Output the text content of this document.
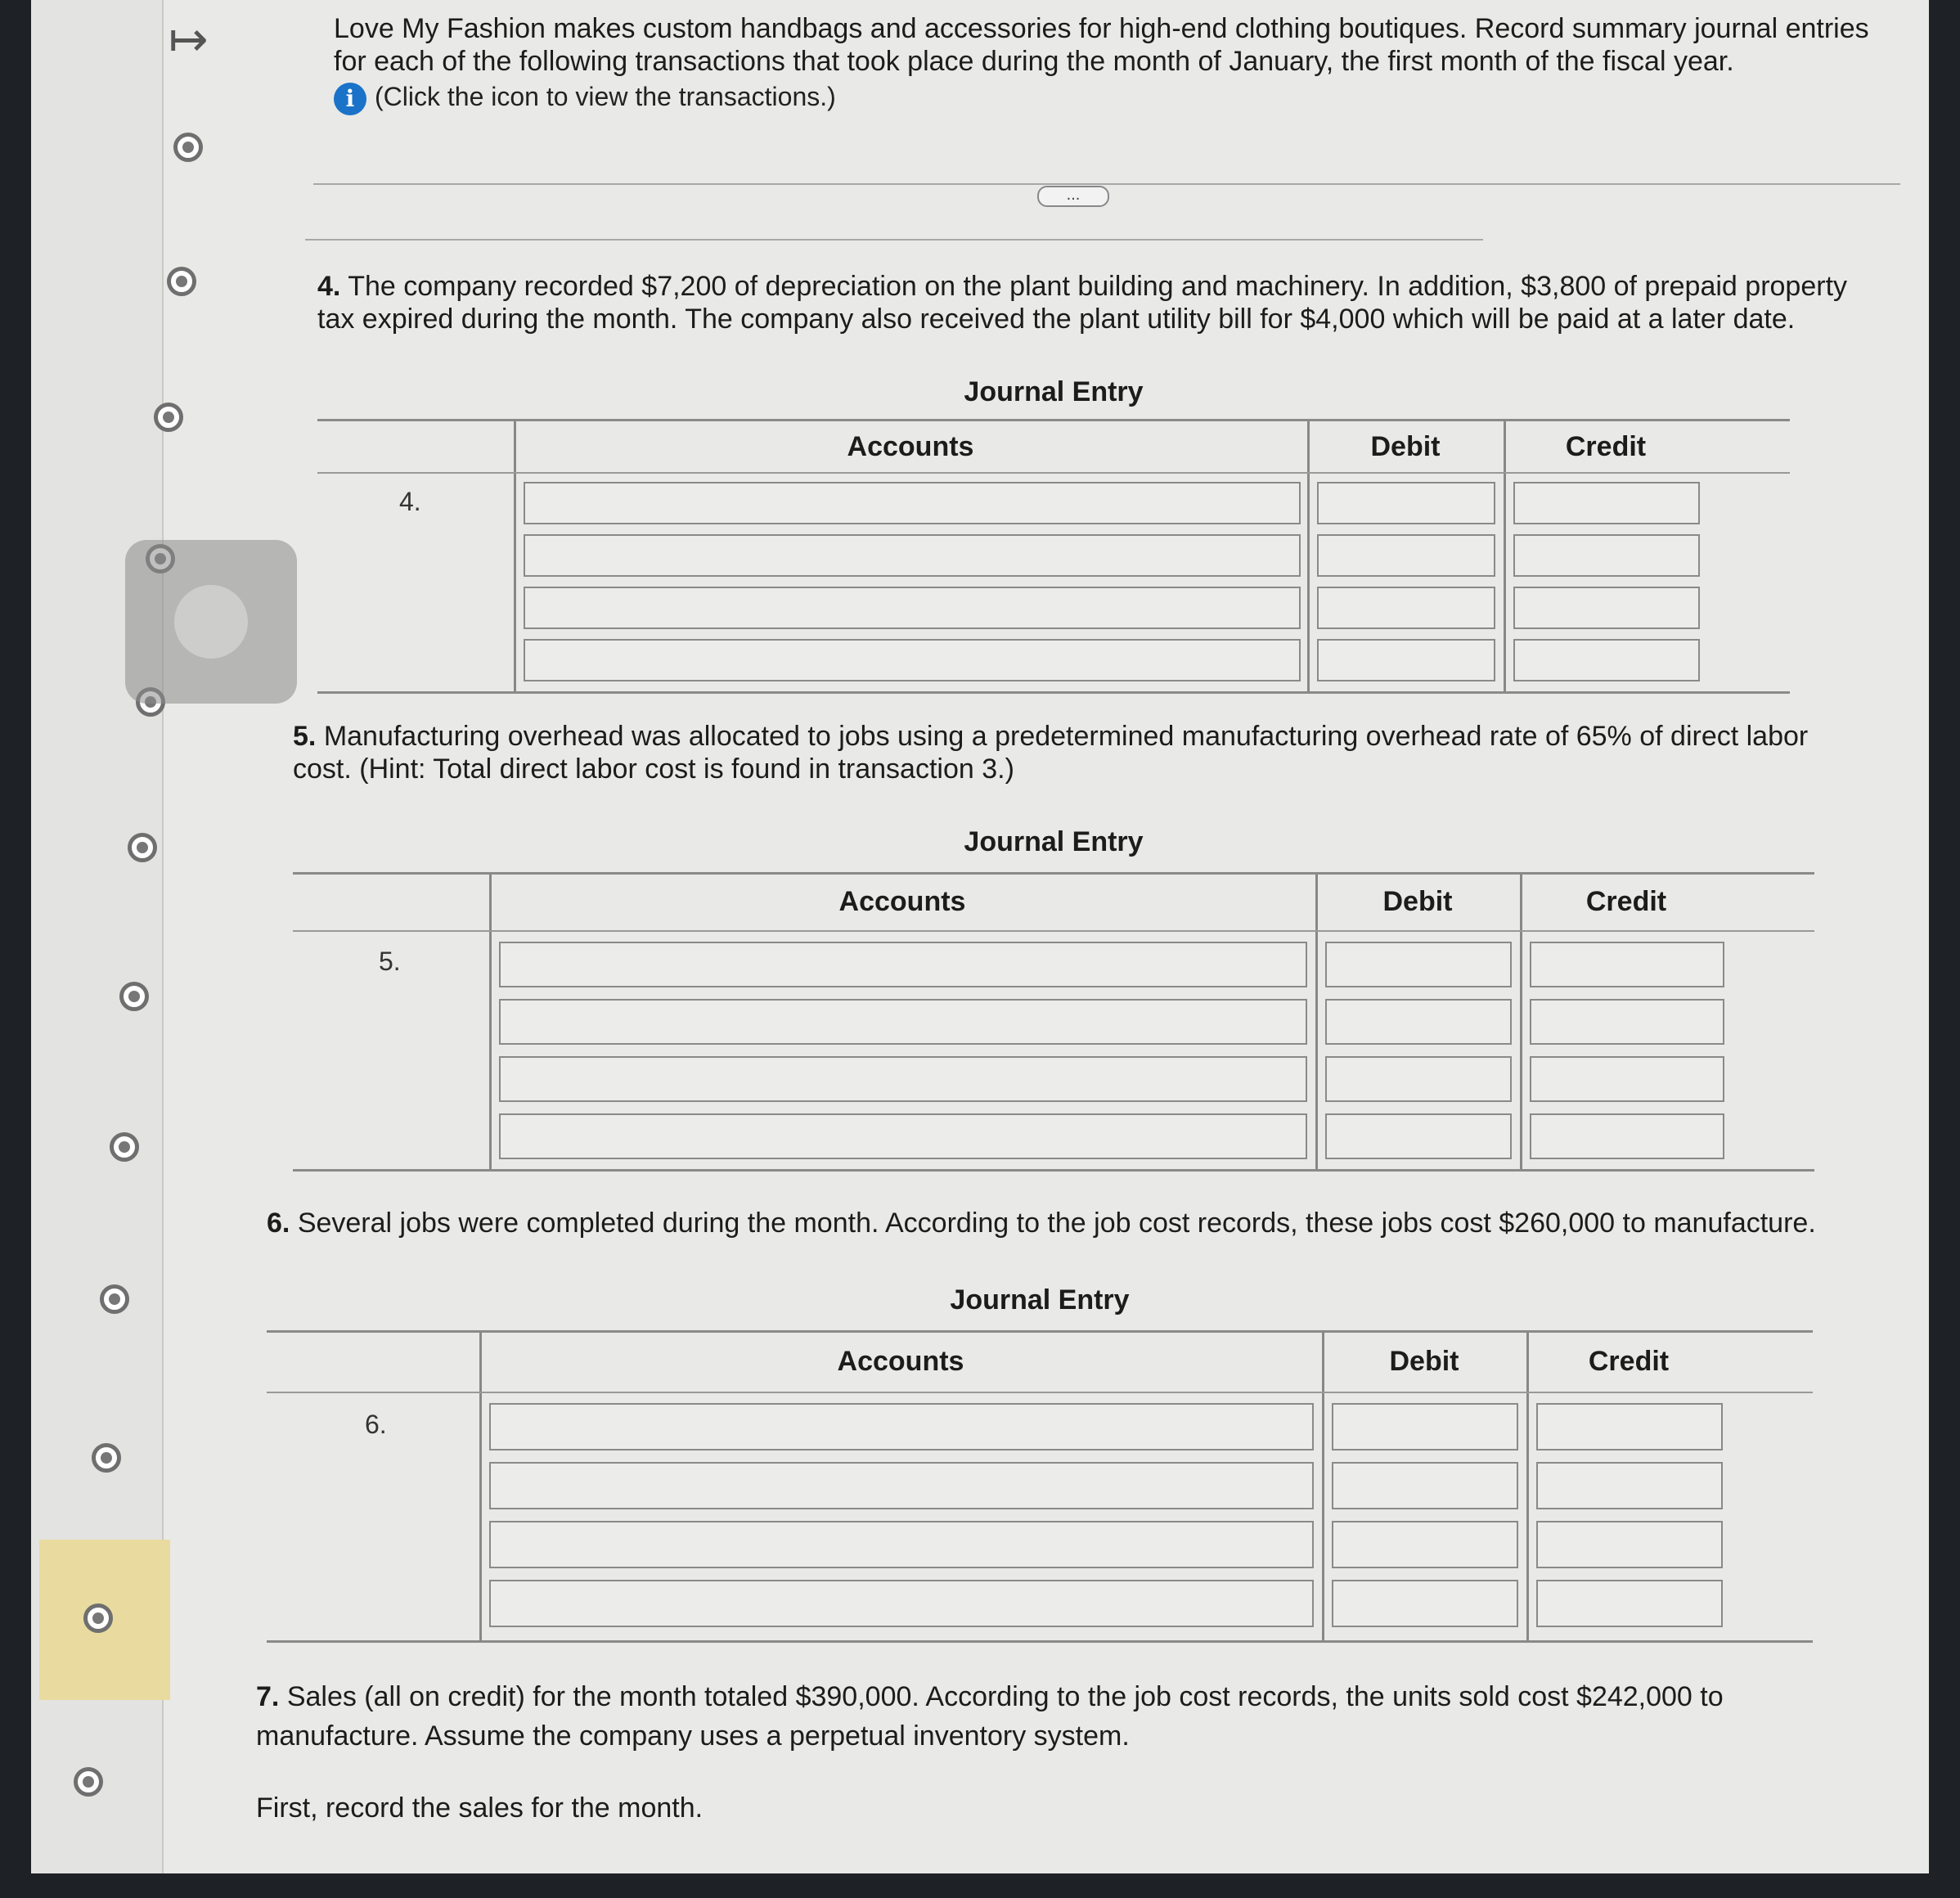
↦	Love My Fashion makes custom handbags and accessories for high-end clothing boutiques. Record summary journal entries for each of the following transactions that took place during the month of January, the first month of the fiscal year.
i (Click the icon to view the transactions.)
...
4. The company recorded $7,200 of depreciation on the plant building and machinery. In addition, $3,800 of prepaid property tax expired during the month. The company also received the plant utility bill for $4,000 which will be paid at a later date.
Journal Entry
Accounts	Debit	Credit
4.
5. Manufacturing overhead was allocated to jobs using a predetermined manufacturing overhead rate of 65% of direct labor cost. (Hint: Total direct labor cost is found in transaction 3.)
Journal Entry
Accounts	Debit	Credit
5.
6. Several jobs were completed during the month. According to the job cost records, these jobs cost $260,000 to manufacture.
Journal Entry
Accounts	Debit	Credit
6.
7. Sales (all on credit) for the month totaled $390,000. According to the job cost records, the units sold cost $242,000 to manufacture. Assume the company uses a perpetual inventory system.
First, record the sales for the month.
